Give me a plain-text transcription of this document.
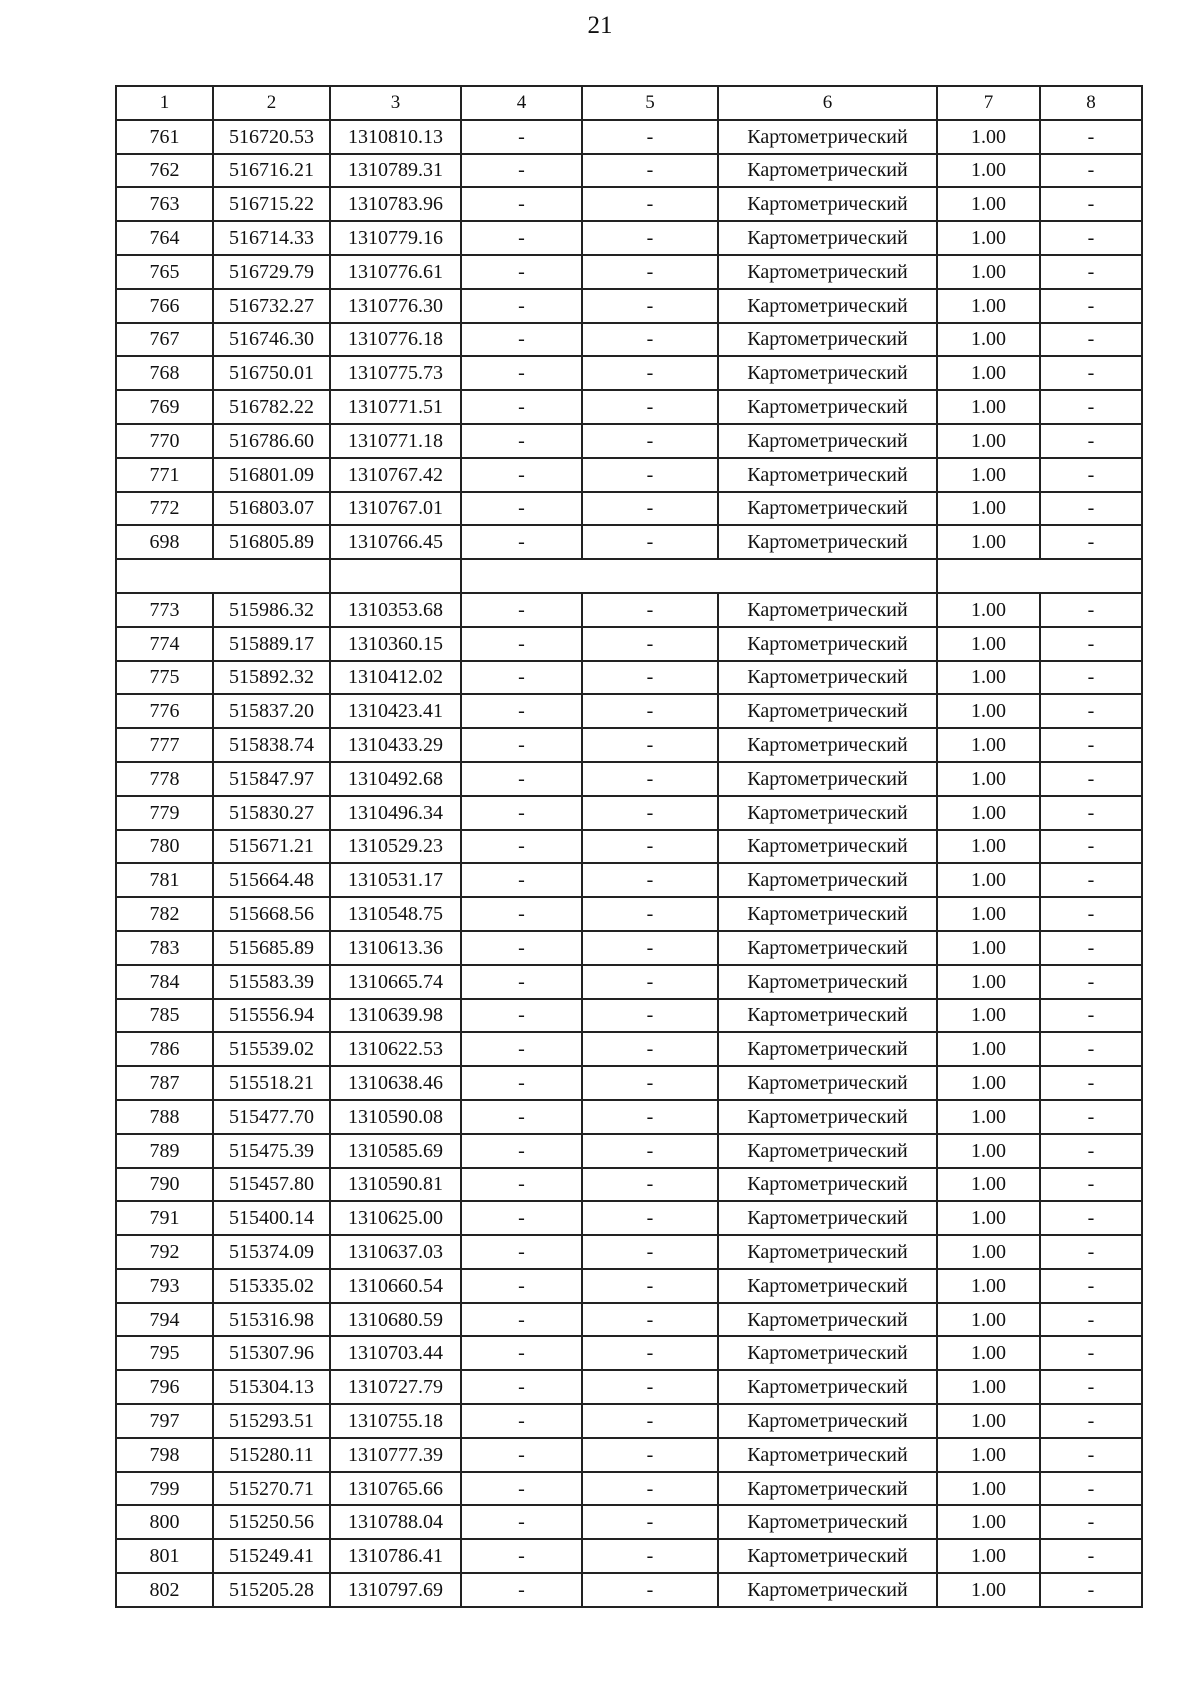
21
1	2	3	4	5	6	7	8
761	516720.53	1310810.13	-	-	Картометрический	1.00	-
762	516716.21	1310789.31	-	-	Картометрический	1.00	-
763	516715.22	1310783.96	-	-	Картометрический	1.00	-
764	516714.33	1310779.16	-	-	Картометрический	1.00	-
765	516729.79	1310776.61	-	-	Картометрический	1.00	-
766	516732.27	1310776.30	-	-	Картометрический	1.00	-
767	516746.30	1310776.18	-	-	Картометрический	1.00	-
768	516750.01	1310775.73	-	-	Картометрический	1.00	-
769	516782.22	1310771.51	-	-	Картометрический	1.00	-
770	516786.60	1310771.18	-	-	Картометрический	1.00	-
771	516801.09	1310767.42	-	-	Картометрический	1.00	-
772	516803.07	1310767.01	-	-	Картометрический	1.00	-
698	516805.89	1310766.45	-	-	Картометрический	1.00	-

773	515986.32	1310353.68	-	-	Картометрический	1.00	-
774	515889.17	1310360.15	-	-	Картометрический	1.00	-
775	515892.32	1310412.02	-	-	Картометрический	1.00	-
776	515837.20	1310423.41	-	-	Картометрический	1.00	-
777	515838.74	1310433.29	-	-	Картометрический	1.00	-
778	515847.97	1310492.68	-	-	Картометрический	1.00	-
779	515830.27	1310496.34	-	-	Картометрический	1.00	-
780	515671.21	1310529.23	-	-	Картометрический	1.00	-
781	515664.48	1310531.17	-	-	Картометрический	1.00	-
782	515668.56	1310548.75	-	-	Картометрический	1.00	-
783	515685.89	1310613.36	-	-	Картометрический	1.00	-
784	515583.39	1310665.74	-	-	Картометрический	1.00	-
785	515556.94	1310639.98	-	-	Картометрический	1.00	-
786	515539.02	1310622.53	-	-	Картометрический	1.00	-
787	515518.21	1310638.46	-	-	Картометрический	1.00	-
788	515477.70	1310590.08	-	-	Картометрический	1.00	-
789	515475.39	1310585.69	-	-	Картометрический	1.00	-
790	515457.80	1310590.81	-	-	Картометрический	1.00	-
791	515400.14	1310625.00	-	-	Картометрический	1.00	-
792	515374.09	1310637.03	-	-	Картометрический	1.00	-
793	515335.02	1310660.54	-	-	Картометрический	1.00	-
794	515316.98	1310680.59	-	-	Картометрический	1.00	-
795	515307.96	1310703.44	-	-	Картометрический	1.00	-
796	515304.13	1310727.79	-	-	Картометрический	1.00	-
797	515293.51	1310755.18	-	-	Картометрический	1.00	-
798	515280.11	1310777.39	-	-	Картометрический	1.00	-
799	515270.71	1310765.66	-	-	Картометрический	1.00	-
800	515250.56	1310788.04	-	-	Картометрический	1.00	-
801	515249.41	1310786.41	-	-	Картометрический	1.00	-
802	515205.28	1310797.69	-	-	Картометрический	1.00	-
